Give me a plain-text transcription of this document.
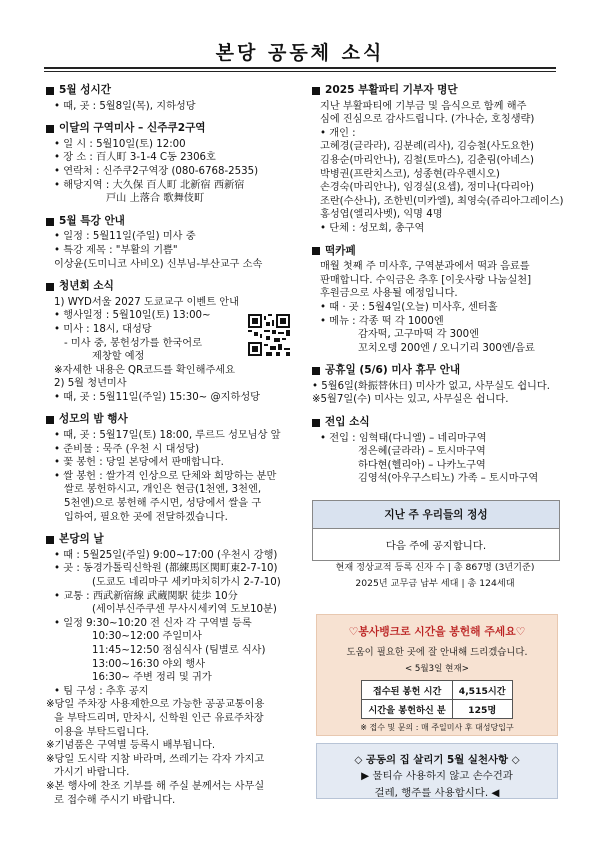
본당 공동체 소식
5월 성시간
• 때, 곳 : 5월8일(목), 지하성당
이달의 구역미사 – 신주쿠2구역
• 일 시 : 5월10일(토) 12:00
• 장 소 : 百人町 3-1-4 C동 2306호
• 연락처 : 신주쿠2구역장 (080-6768-2535)
• 해당지역 : 大久保 百人町 北新宿 西新宿
戸山 上落合 歌舞伎町
5월 특강 안내
• 일정 : 5월11일(주일) 미사 중
• 특강 제목 : "부활의 기쁨"
이상윤(도미니코 사비오) 신부님-부산교구 소속
청년회 소식
1) WYD서울 2027 도쿄교구 이벤트 안내
• 행사일정 : 5월10일(토) 13:00~
• 미사 : 18시, 대성당
- 미사 중, 봉헌성가를 한국어로
제창할 예정
※자세한 내용은 QR코드를 확인해주세요
2) 5월 청년미사
• 때, 곳 : 5월11일(주일) 15:30~ @지하성당
성모의 밤 행사
• 때, 곳 : 5월17일(토) 18:00, 루르드 성모님상 앞
• 준비물 : 묵주 (우천 시 대성당)
• 꽃 봉헌 : 당일 본당에서 판매합니다.
• 쌀 봉헌 : 쌀가격 인상으로 단체와 희망하는 분만
쌀로 봉헌하시고, 개인은 현금(1천엔, 3천엔,
5천엔)으로 봉헌해 주시면, 성당에서 쌀을 구
입하여, 필요한 곳에 전달하겠습니다.
본당의 날
• 때 : 5월25일(주일) 9:00~17:00 (우천시 강행)
• 곳 : 동경가톨릭신학원 (都練馬区関町東2-7-10)
(도쿄도 네리마구 세키마치히가시 2-7-10)
• 교통 : 西武新宿線 武蔵関駅 徒歩 10分
(세이부신주쿠센 무사시세키역 도보10분)
• 일정 9:30~10:20 전 신자 각 구역별 등록
10:30~12:00 주일미사
11:45~12:50 점심식사 (팀별로 식사)
13:00~16:30 야외 행사
16:30~ 주변 정리 및 귀가
• 팀 구성 : 추후 공지
※당일 주차장 사용제한으로 가능한 공공교통이용
을 부탁드리며, 만차시, 신학원 인근 유료주차장
이용을 부탁드립니다.
※기념품은 구역별 등록시 배부됩니다.
※당일 도시락 지참 바라며, 쓰레기는 각자 가지고
가시기 바랍니다.
※본 행사에 찬조 기부를 해 주실 분께서는 사무실
로 접수해 주시기 바랍니다.
2025 부활파티 기부자 명단
지난 부활파티에 기부금 및 음식으로 함께 해주
심에 진심으로 감사드립니다. (가나순, 호칭생략)
• 개인 :
고혜경(글라라), 김분례(리사), 김승철(사도요한)
김용순(마리안나), 김철(토마스), 김춘림(아녜스)
박병권(프란치스코), 성종현(라우렌시오)
손경숙(마리안나), 임경실(요셉), 정미나(다리아)
조란(수산나), 조한빈(미카엘), 최영숙(쥬리아그레이스)
홍성엽(엘리사벳), 익명 4명
• 단체 : 성모회, 총구역
떡카페
매월 첫째 주 미사후, 구역분과에서 떡과 음료를
판매합니다. 수익금은 추후 [이웃사랑 나눔실천]
후원금으로 사용될 예정입니다.
• 때 · 곳 : 5월4일(오늘) 미사후, 센터홀
• 메뉴 : 각종 떡 각 1000엔
감자떡, 고구마떡 각 300엔
꼬치오뎅 200엔 / 오니기리 300엔/음료
공휴일 (5/6) 미사 휴무 안내
• 5월6일(화振替休日) 미사가 없고, 사무실도 쉽니다.
※5월7일(수) 미사는 있고, 사무실은 쉽니다.
전입 소식
• 전입 : 임혁태(다니엘) – 네리마구역
정은혜(글라라) – 토시마구역
하다현(헬리아) – 나카노구역
김영석(아우구스티노) 가족 – 토시마구역
지난 주 우리들의 정성
다음 주에 공지합니다.
현재 정상교적 등록 신자 수 | 총 867명 (3년기준)
2025년 교무금 납부 세대 | 총 124세대
♡봉사뱅크로 시간을 봉헌해 주세요♡
도움이 필요한 곳에 잘 안내해 드리겠습니다.
< 5월3일 현재>
접수된 봉헌 시간	4,515시간
시간을 봉헌하신 분	125명
※ 접수 및 문의 : 매 주일미사 후 대성당입구
◇ 공동의 집 살리기 5월 실천사항 ◇
▶ 물티슈 사용하지 않고 손수건과
걸레, 행주를 사용합시다. ◀
